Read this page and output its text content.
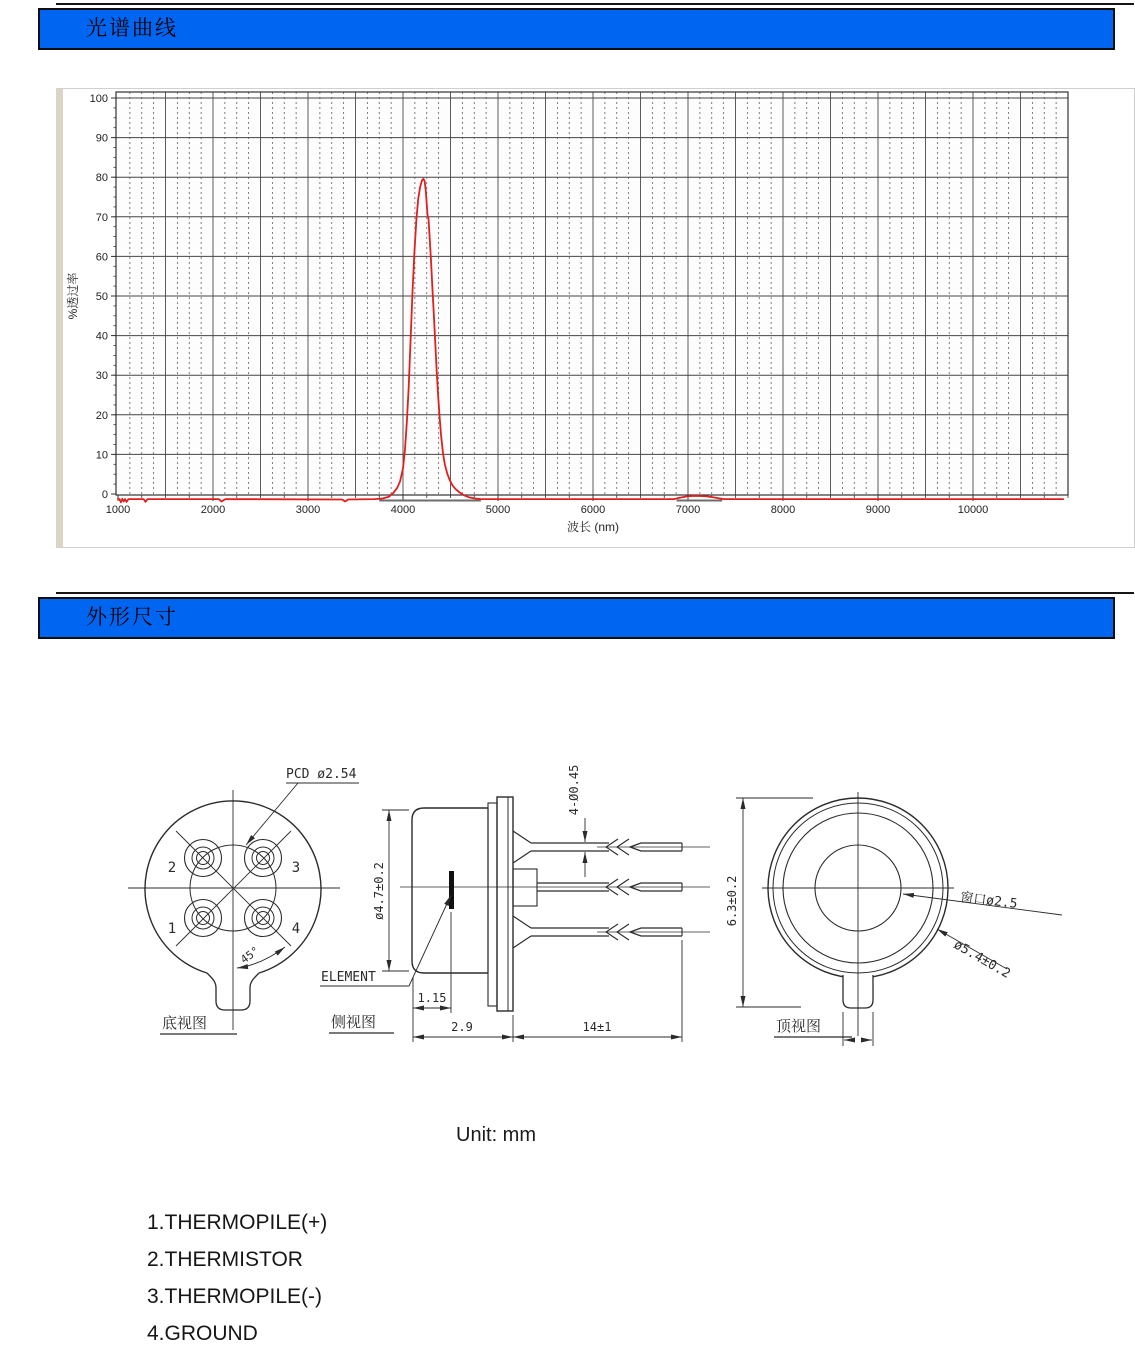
光谱曲线
1000	2000	3000	4000	5000	6000	7000	8000	9000	10000
0
10
20
30
40
50
60
70
80
90
100
%透过率
波长 (nm)
外形尺寸
2	3
1	4
PCD ø2.54
45°
底视图
ELEMENT
ø4.7±0.2
4-Ø0.45
1.15
2.9	14±1
侧视图
6.3±0.2	窗口ø2.5
ø5.4±0.2
顶视图
Unit: mm
1.THERMOPILE(+)
2.THERMISTOR
3.THERMOPILE(-)
4.GROUND
